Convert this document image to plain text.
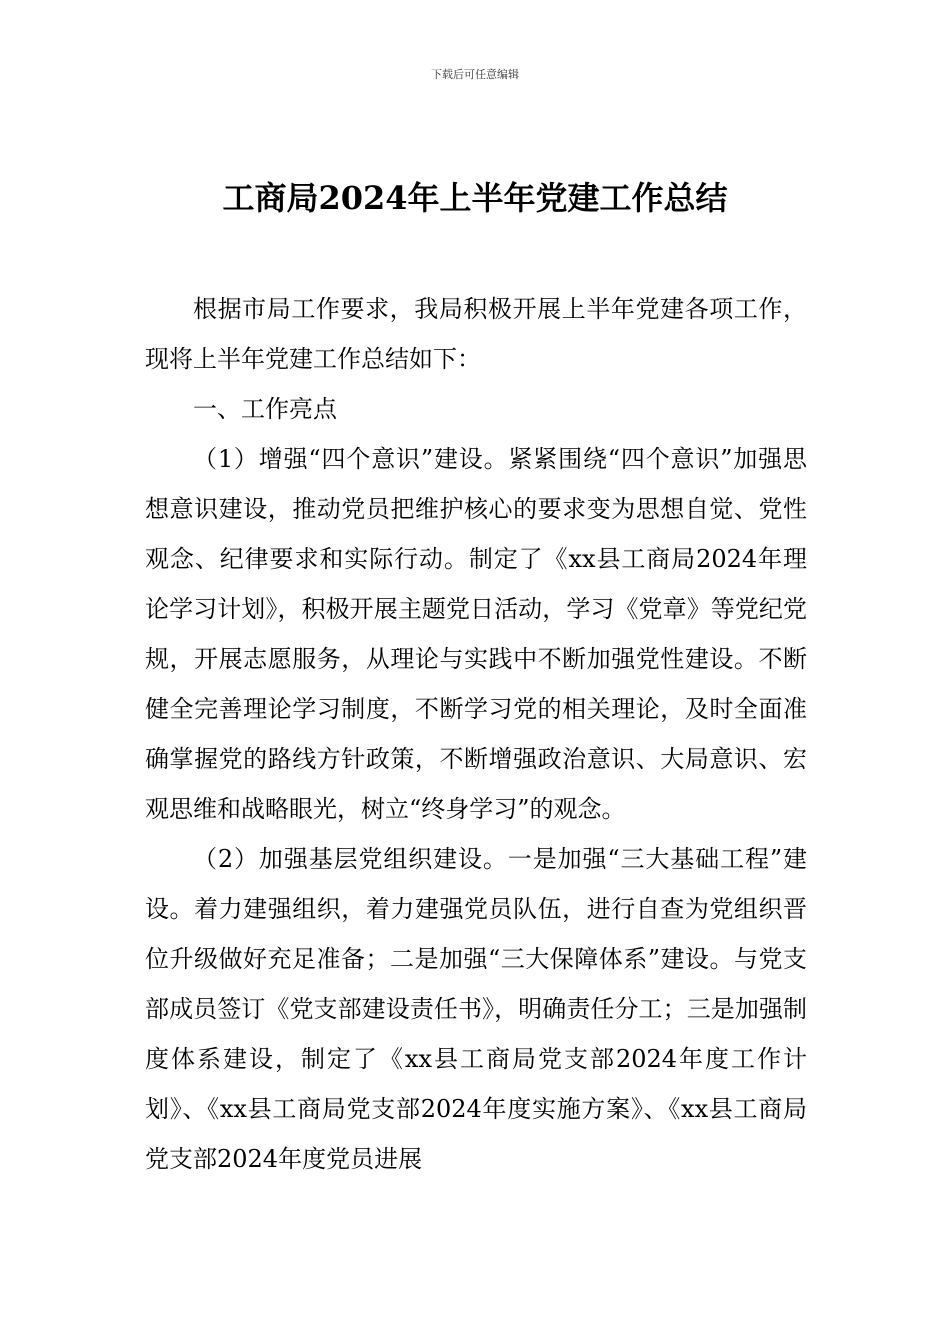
下载后可任意编辑
工商局2024年上半年党建工作总结

根据市局工作要求，我局积极开展上半年党建各项工作，现将上半年党建工作总结如下：

一、工作亮点

（1）增强“四个意识”建设。紧紧围绕“四个意识”加强思想意识建设，推动党员把维护核心的要求变为思想自觉、党性观念、纪律要求和实际行动。制定了《xx县工商局2024年理论学习计划》，积极开展主题党日活动，学习《党章》等党纪党规，开展志愿服务，从理论与实践中不断加强党性建设。不断健全完善理论学习制度，不断学习党的相关理论，及时全面准确掌握党的路线方针政策，不断增强政治意识、大局意识、宏观思维和战略眼光，树立“终身学习”的观念。

（2）加强基层党组织建设。一是加强“三大基础工程”建设。着力建强组织，着力建强党员队伍，进行自查为党组织晋位升级做好充足准备；二是加强“三大保障体系”建设。与党支部成员签订《党支部建设责任书》，明确责任分工；三是加强制度体系建设，制定了《xx县工商局党支部2024年度工作计划》、《xx县工商局党支部2024年度实施方案》、《xx县工商局党支部2024年度党员进展
